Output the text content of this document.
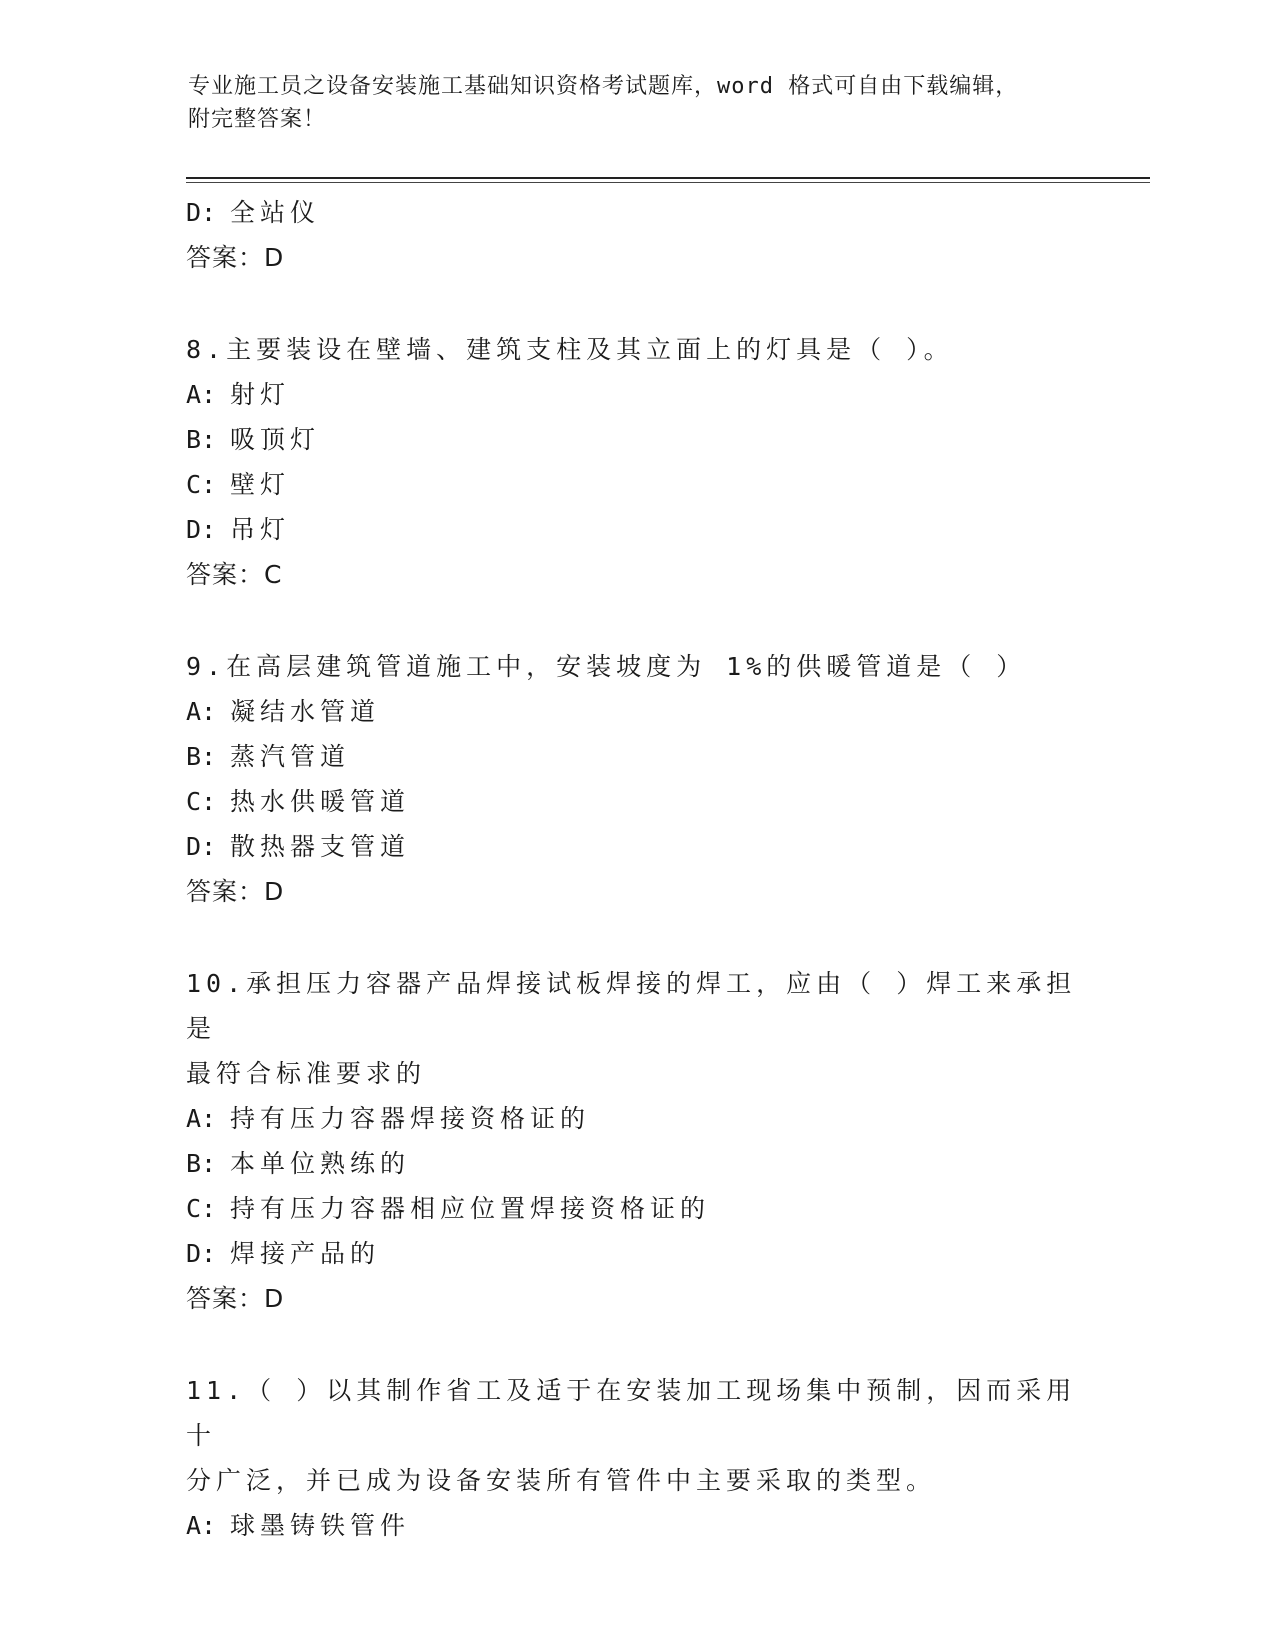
专业施工员之设备安装施工基础知识资格考试题库，word 格式可自由下载编辑，
附完整答案！
D: 全站仪
答案：D
8.主要装设在壁墙、建筑支柱及其立面上的灯具是（ ）。
A: 射灯
B: 吸顶灯
C: 壁灯
D: 吊灯
答案：C
9.在高层建筑管道施工中，安装坡度为 1%的供暖管道是（ ）
A: 凝结水管道
B: 蒸汽管道
C: 热水供暖管道
D: 散热器支管道
答案：D
10.承担压力容器产品焊接试板焊接的焊工，应由（ ）焊工来承担是
最符合标准要求的
A: 持有压力容器焊接资格证的
B: 本单位熟练的
C: 持有压力容器相应位置焊接资格证的
D: 焊接产品的
答案：D
11.（ ）以其制作省工及适于在安装加工现场集中预制，因而采用十
分广泛，并已成为设备安装所有管件中主要采取的类型。
A: 球墨铸铁管件
